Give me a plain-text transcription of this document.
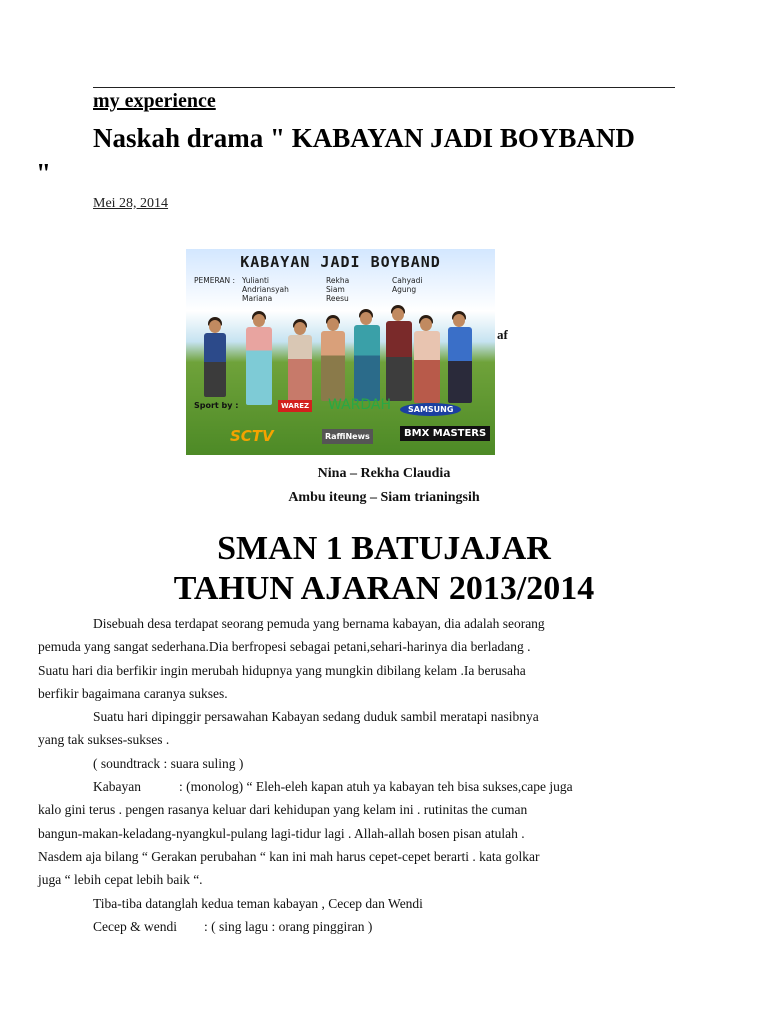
my experience
Naskah drama " KABAYAN JADI BOYBAND
"
Mei 28, 2014
KABAYAN JADI BOYBAND
PEMERAN : Yulianti
Andriansyah
Mariana
Rekha
Siam
Reesu
Cahyadi
Agung
Sport by :	WAREZ WARDAH	SAMSUNG
SCTV	RaffiNews	BMX MASTERS
af
Nina – Rekha Claudia
Ambu iteung – Siam trianingsih
SMAN 1 BATUJAJAR
TAHUN AJARAN 2013/2014
Disebuah desa terdapat seorang pemuda yang bernama kabayan, dia adalah seorang
pemuda yang sangat sederhana.Dia berfropesi sebagai petani,sehari-harinya dia berladang .
Suatu hari dia berfikir ingin merubah hidupnya yang mungkin dibilang kelam .Ia berusaha
berfikir bagaimana caranya sukses.
Suatu hari dipinggir persawahan Kabayan sedang duduk sambil meratapi nasibnya
yang tak sukses-sukses .
( soundtrack : suara suling )
Kabayan	: (monolog) “ Eleh-eleh kapan atuh ya kabayan teh bisa sukses,cape juga
kalo gini terus . pengen rasanya keluar dari kehidupan yang kelam ini . rutinitas the cuman
bangun-makan-keladang-nyangkul-pulang lagi-tidur lagi . Allah-allah bosen pisan atulah .
Nasdem aja bilang “ Gerakan perubahan “ kan ini mah harus cepet-cepet berarti . kata golkar
juga “ lebih cepat lebih baik “.
Tiba-tiba datanglah kedua teman kabayan , Cecep dan Wendi
Cecep & wendi : ( sing lagu : orang pinggiran )
